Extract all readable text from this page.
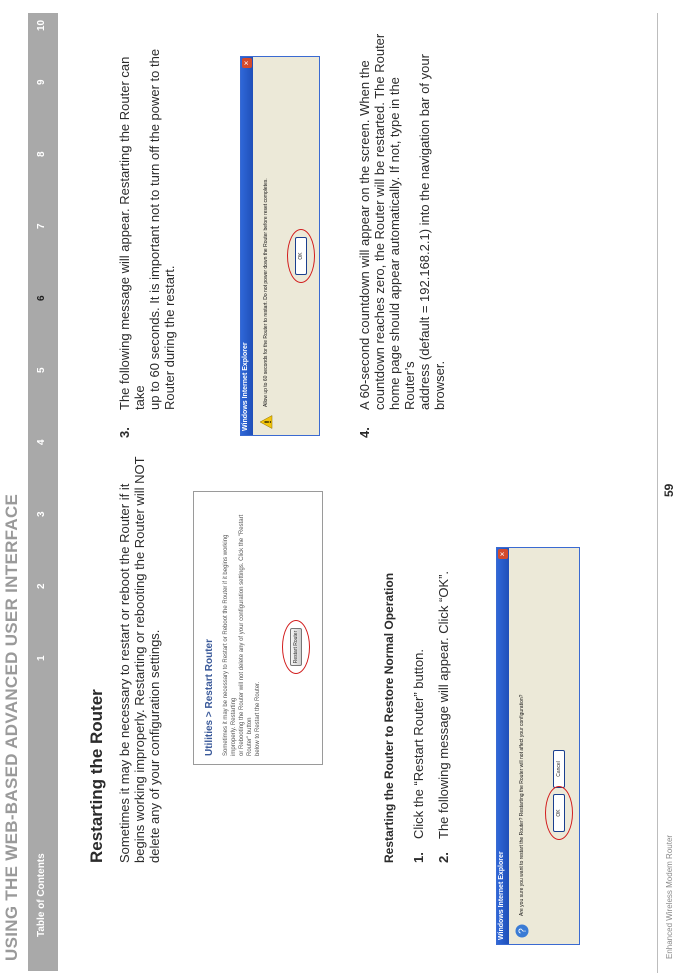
USING THE WEB-BASED ADVANCED USER INTERFACE Table of Contents
1
2
3
4
5
6
7
8
9
10
Restarting the Router Sometimes it may be necessary to restart or reboot the Router if it begins working improperly. Restarting or rebooting the Router will NOT delete any of your configuration settings.	Utilities > Restart Router Sometimes it may be necessary to Restart or Reboot the Router if it begins working improperly. Restarting or Rebooting the Router will not delete any of your configuration settings. Click the "Restart Router" button below to Restart the Router.
Restart Router	Restarting the Router to Restore Normal Operation 1.
Click the “Restart Router” button.
2.
The following message will appear. Click “OK”.
Windows Internet Explorer
×
?
Are you sure you want to restart the Router? Restarting the Router will not affect your configuration?	OK
Cancel
3.
The following message will appear. Restarting the Router can take up to 60 seconds. It is important not to turn off the power to the Router during the restart.	Windows Internet Explorer
×
!
Allow up to 60 seconds for the Router to restart. Do not power down the Router before reset completes.	OK
4.
A 60-second countdown will appear on the screen. When the countdown reaches zero, the Router will be restarted. The Router home page should appear automatically. If not, type in the Router’s address (default = 192.168.2.1) into the navigation bar of your browser.
Enhanced Wireless Modem Router
59
